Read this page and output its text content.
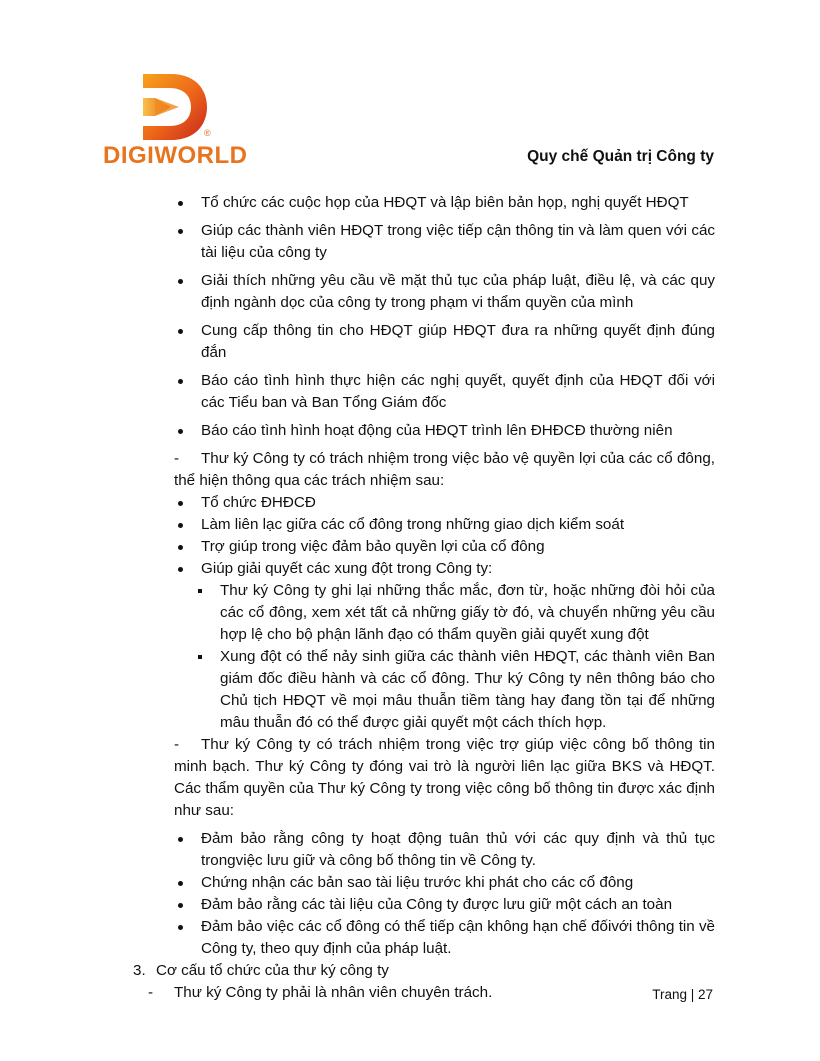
®
DIGIWORLD	Quy chế Quản trị Công ty
Tổ chức các cuộc họp của HĐQT và lập biên bản họp, nghị quyết HĐQT
Giúp các thành viên HĐQT trong việc tiếp cận thông tin và làm quen với các tài liệu của công ty
Giải thích những yêu cầu về mặt thủ tục của pháp luật, điều lệ, và các quy định ngành dọc của công ty trong phạm vi thẩm quyền của mình
Cung cấp thông tin cho HĐQT giúp HĐQT đưa ra những quyết định đúng đắn
Báo cáo tình hình thực hiện các nghị quyết, quyết định của HĐQT đối với các Tiểu ban và Ban Tổng Giám đốc
Báo cáo tình hình hoạt động của HĐQT trình lên ĐHĐCĐ thường niên
- Thư ký Công ty có trách nhiệm trong việc bảo vệ quyền lợi của các cổ đông, thể hiện thông qua các trách nhiệm sau:
Tổ chức ĐHĐCĐ
Làm liên lạc giữa các cổ đông trong những giao dịch kiểm soát
Trợ giúp trong việc đảm bảo quyền lợi của cổ đông
Giúp giải quyết các xung đột trong Công ty:
Thư ký Công ty ghi lại những thắc mắc, đơn từ, hoặc những đòi hỏi của các cổ đông, xem xét tất cả những giấy tờ đó, và chuyển những yêu cầu hợp lệ cho bộ phận lãnh đạo có thẩm quyền giải quyết xung đột
Xung đột có thể nảy sinh giữa các thành viên HĐQT, các thành viên Ban giám đốc điều hành và các cổ đông. Thư ký Công ty nên thông báo cho Chủ tịch HĐQT về mọi mâu thuẫn tiềm tàng hay đang tồn tại để những mâu thuẫn đó có thể được giải quyết một cách thích hợp.
- Thư ký Công ty có trách nhiệm trong việc trợ giúp việc công bố thông tin minh bạch. Thư ký Công ty đóng vai trò là người liên lạc giữa BKS và HĐQT. Các thẩm quyền của Thư ký Công ty trong việc công bố thông tin được xác định như sau:
Đảm bảo rằng công ty hoạt động tuân thủ với các quy định và thủ tục trongviệc lưu giữ và công bố thông tin về Công ty.
Chứng nhận các bản sao tài liệu trước khi phát cho các cổ đông
Đảm bảo rằng các tài liệu của Công ty được lưu giữ một cách an toàn
Đảm bảo việc các cổ đông có thể tiếp cận không hạn chế đốivới thông tin về Công ty, theo quy định của pháp luật.
3. Cơ cấu tổ chức của thư ký công ty
- Thư ký Công ty phải là nhân viên chuyên trách.	Trang | 27
